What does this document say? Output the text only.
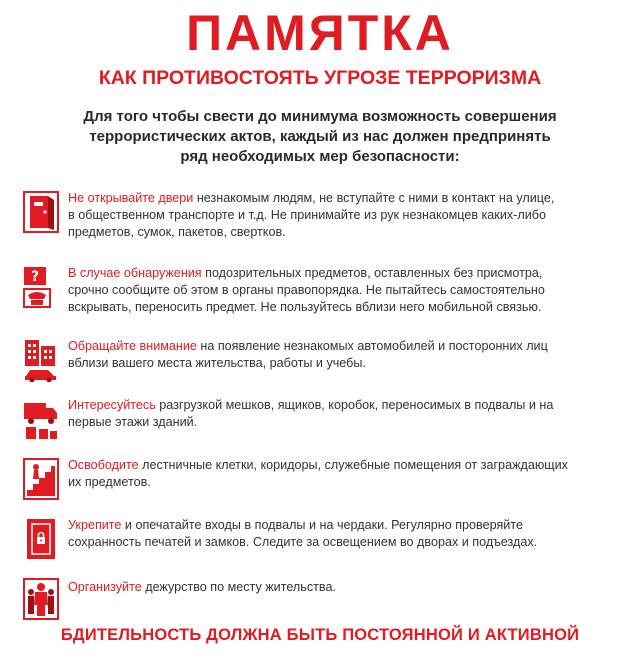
ПАМЯТКА
КАК ПРОТИВОСТОЯТЬ УГРОЗЕ ТЕРРОРИЗМА
Для того чтобы свести до минимума возможность совершения
террористических актов, каждый из нас должен предпринять
ряд необходимых мер безопасности:
Не открывайте двери незнакомым людям, не вступайте с ними в контакт на улице,
в общественном транспорте и т.д. Не принимайте из рук незнакомцев каких-либо
предметов, сумок, пакетов, свертков.
? В случае обнаружения подозрительных предметов, оставленных без присмотра,
срочно сообщите об этом в органы правопорядка. Не пытайтесь самостоятельно
вскрывать, переносить предмет. Не пользуйтесь вблизи него мобильной связью.
Обращайте внимание на появление незнакомых автомобилей и посторонних лиц
вблизи вашего места жительства, работы и учебы.
Интересуйтесь разгрузкой мешков, ящиков, коробок, переносимых в подвалы и на
первые этажи зданий.
Освободите лестничные клетки, коридоры, служебные помещения от заграждающих
их предметов.
Укрепите и опечатайте входы в подвалы и на чердаки. Регулярно проверяйте
сохранность печатей и замков. Следите за освещением во дворах и подъездах.
Организуйте дежурство по месту жительства.
БДИТЕЛЬНОСТЬ ДОЛЖНА БЫТЬ ПОСТОЯННОЙ И АКТИВНОЙ
